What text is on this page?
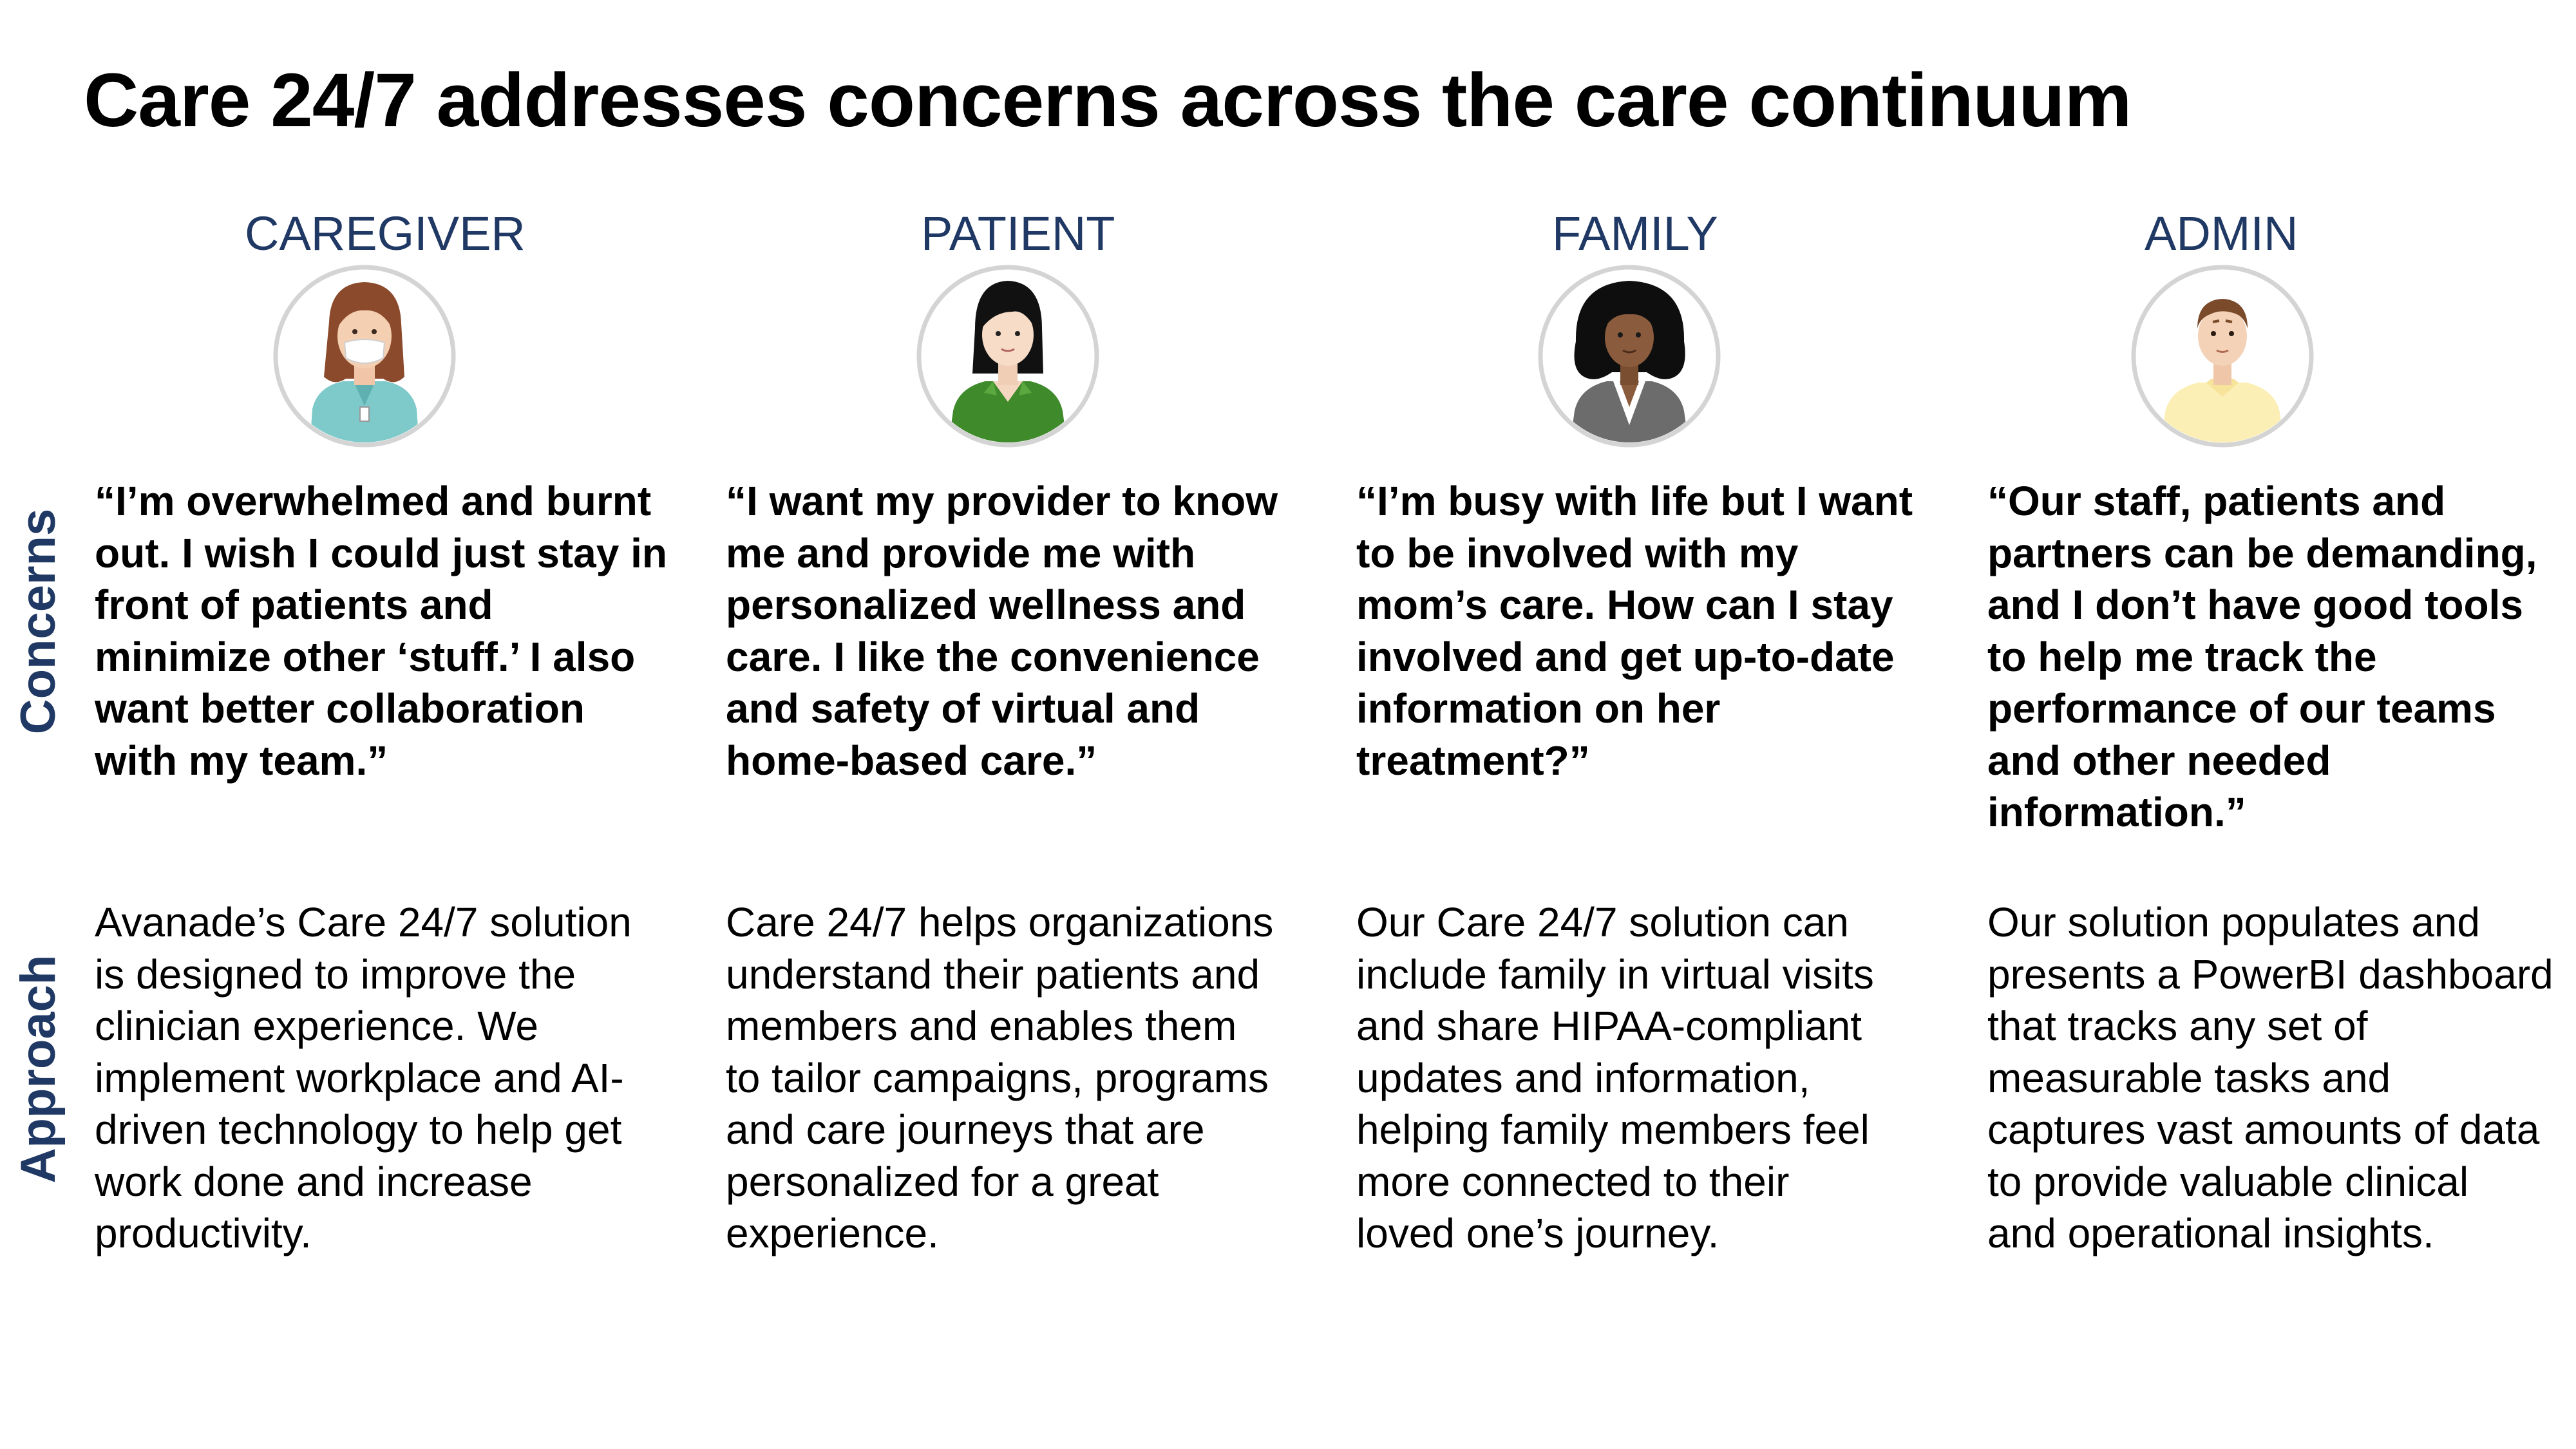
Care 24/7 addresses concerns across the care continuum
Concerns
Approach
CAREGIVER
“I’m overwhelmed and burnt
out. I wish I could just stay in
front of patients and
minimize other ‘stuff.’ I also
want better collaboration
with my team.”
Avanade’s Care 24/7 solution
is designed to improve the
clinician experience. We
implement workplace and AI-
driven technology to help get
work done and increase
productivity.
PATIENT
“I want my provider to know
me and provide me with
personalized wellness and
care. I like the convenience
and safety of virtual and
home-based care.”
Care 24/7 helps organizations
understand their patients and
members and enables them
to tailor campaigns, programs
and care journeys that are
personalized for a great
experience.
FAMILY
“I’m busy with life but I want
to be involved with my
mom’s care. How can I stay
involved and get up-to-date
information on her
treatment?”
Our Care 24/7 solution can
include family in virtual visits
and share HIPAA-compliant
updates and information,
helping family members feel
more connected to their
loved one’s journey.
ADMIN
“Our staff, patients and
partners can be demanding,
and I don’t have good tools
to help me track the
performance of our teams
and other needed
information.”
Our solution populates and
presents a PowerBI dashboard
that tracks any set of
measurable tasks and
captures vast amounts of data
to provide valuable clinical
and operational insights.
